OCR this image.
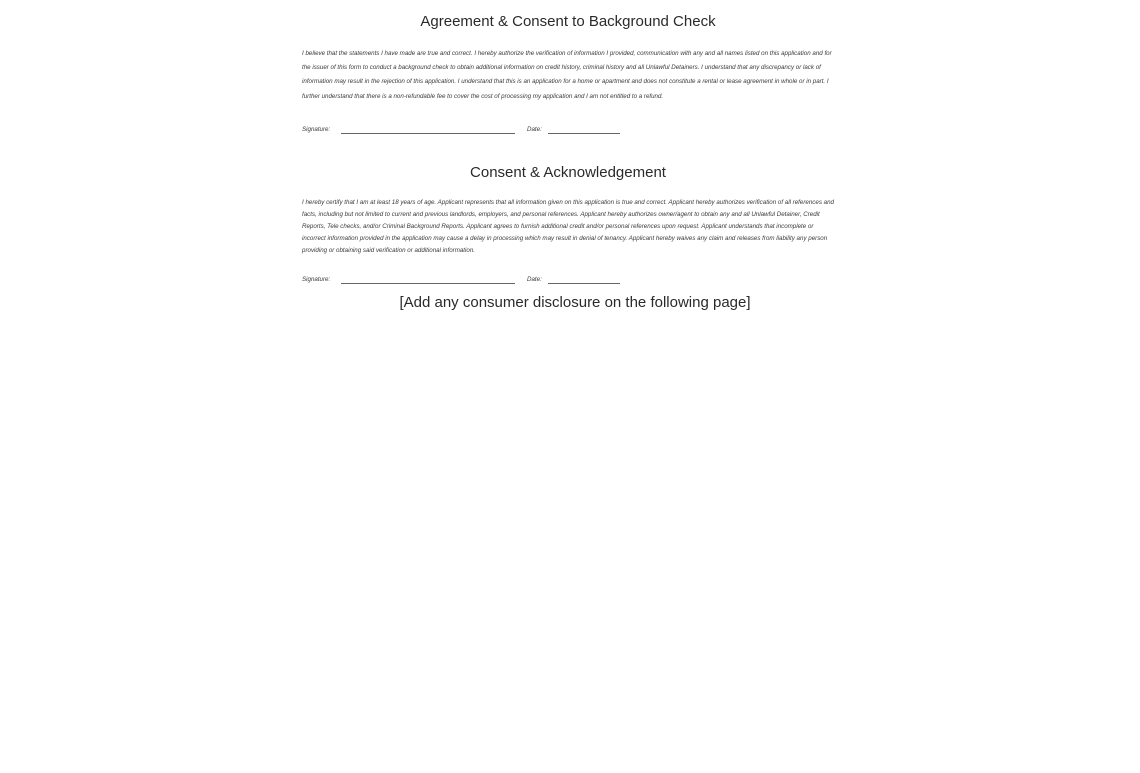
Agreement & Consent to Background Check

I believe that the statements I have made are true and correct. I hereby authorize the verification of information I provided, communication with any and all names listed on this application and for the issuer of this form to conduct a background check to obtain additional information on credit history, criminal history and all Unlawful Detainers. I understand that any discrepancy or lack of information may result in the rejection of this application. I understand that this is an application for a home or apartment and does not constitute a rental or lease agreement in whole or in part. I further understand that there is a non-refundable fee to cover the cost of processing my application and I am not entitled to a refund.

Signature:	Date:
Consent & Acknowledgement

I hereby certify that I am at least 18 years of age. Applicant represents that all information given on this application is true and correct. Applicant hereby authorizes verification of all references and facts, including but not limited to current and previous landlords, employers, and personal references. Applicant hereby authorizes owner/agent to obtain any and all Unlawful Detainer, Credit Reports, Tele checks, and/or Criminal Background Reports. Applicant agrees to furnish additional credit and/or personal references upon request. Applicant understands that incomplete or incorrect information provided in the application may cause a delay in processing which may result in denial of tenancy. Applicant hereby waives any claim and releases from liability any person providing or obtaining said verification or additional information.

Signature:	Date:

[Add any consumer disclosure on the following page]
